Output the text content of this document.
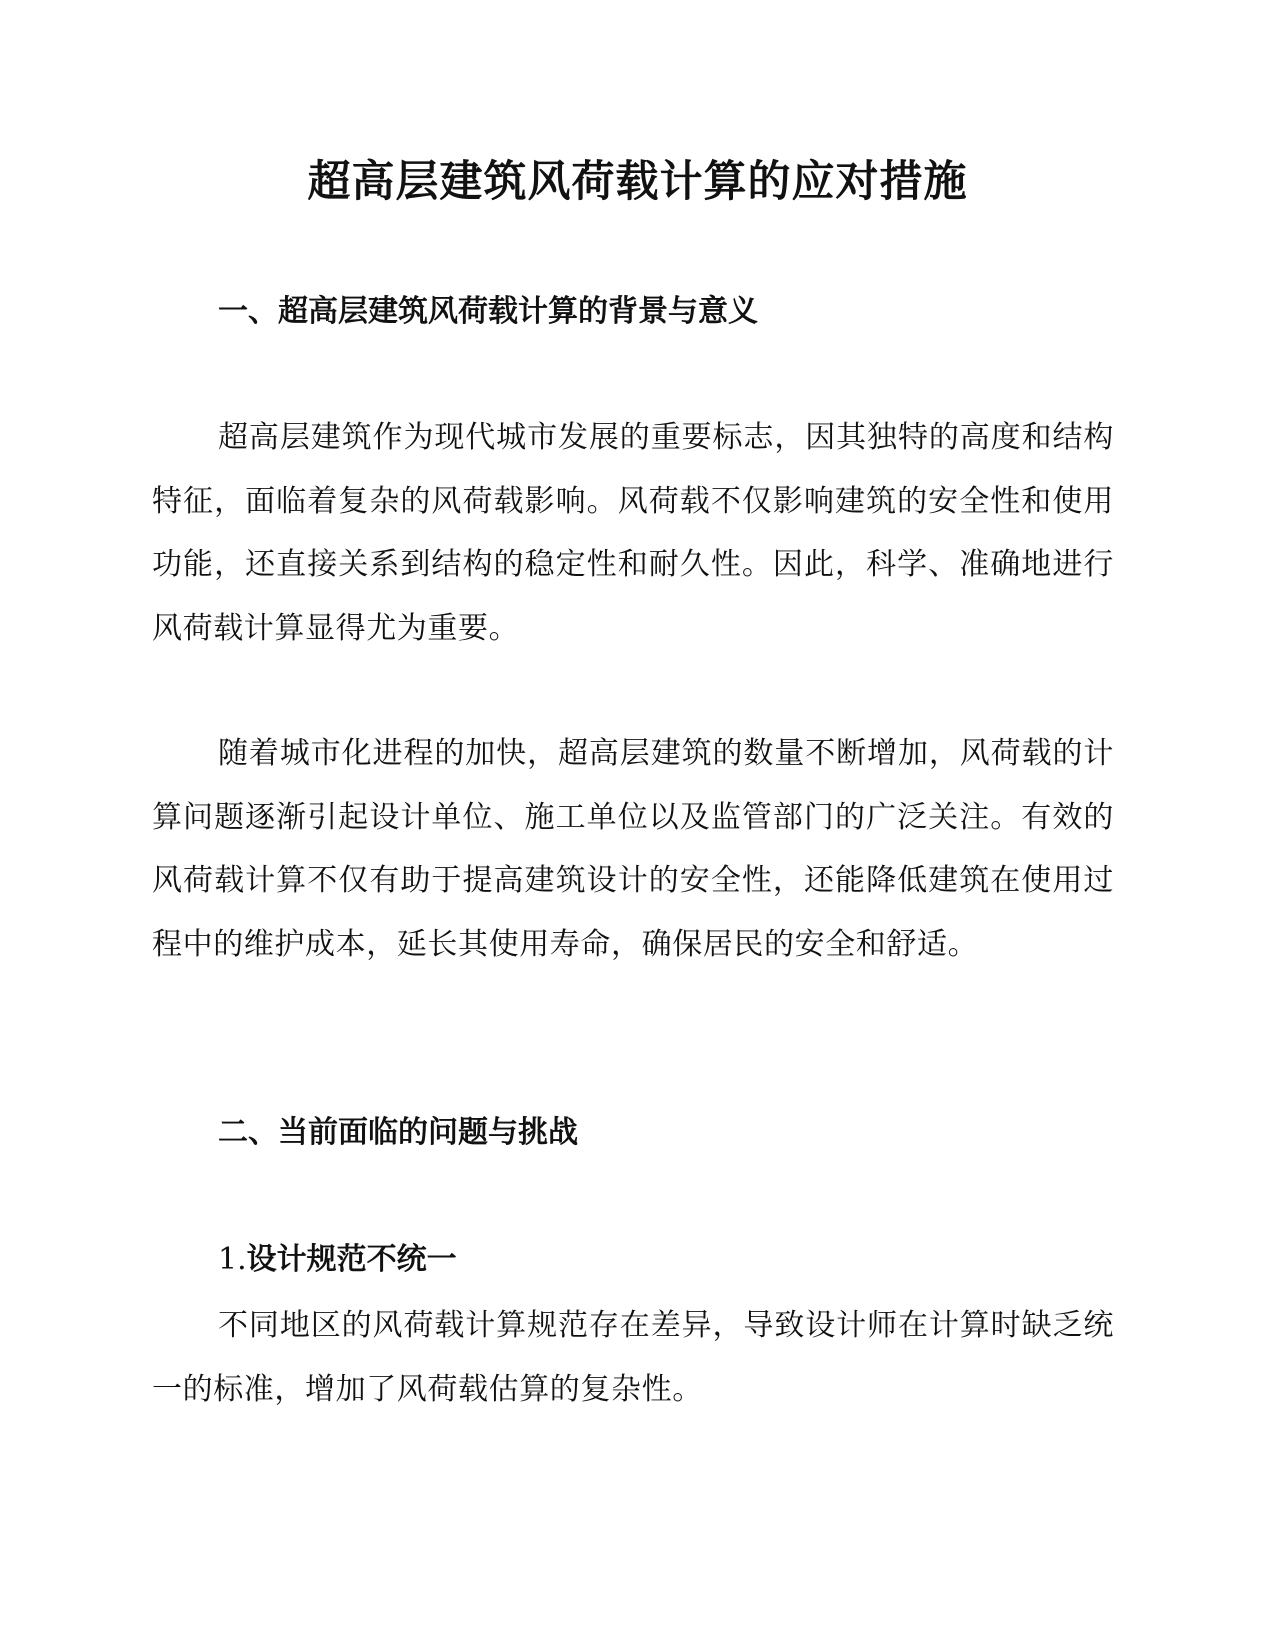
超高层建筑风荷载计算的应对措施
一、超高层建筑风荷载计算的背景与意义

超高层建筑作为现代城市发展的重要标志，因其独特的高度和结构特征，面临着复杂的风荷载影响。风荷载不仅影响建筑的安全性和使用功能，还直接关系到结构的稳定性和耐久性。因此，科学、准确地进行风荷载计算显得尤为重要。

随着城市化进程的加快，超高层建筑的数量不断增加，风荷载的计算问题逐渐引起设计单位、施工单位以及监管部门的广泛关注。有效的风荷载计算不仅有助于提高建筑设计的安全性，还能降低建筑在使用过程中的维护成本，延长其使用寿命，确保居民的安全和舒适。

二、当前面临的问题与挑战
1.设计规范不统一

不同地区的风荷载计算规范存在差异，导致设计师在计算时缺乏统一的标准，增加了风荷载估算的复杂性。
